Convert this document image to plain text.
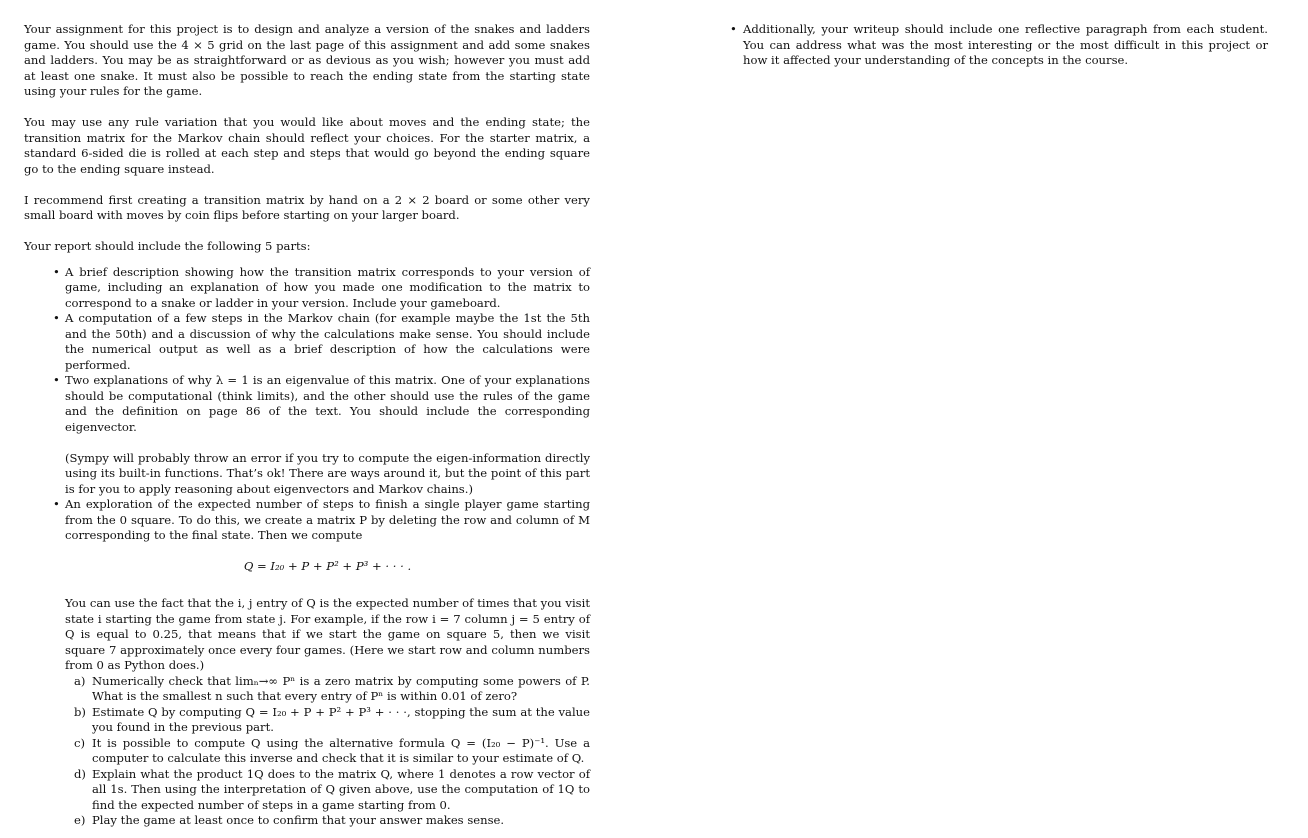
Your assignment for this project is to design and analyze a version of the snakes and ladders game. You should use the 4 × 5 grid on the last page of this assignment and add some snakes and ladders. You may be as straightforward or as devious as you wish; however you must add at least one snake. It must also be possible to reach the ending state from the starting state using your rules for the game.

You may use any rule variation that you would like about moves and the ending state; the transition matrix for the Markov chain should reflect your choices. For the starter matrix, a standard 6-sided die is rolled at each step and steps that would go beyond the ending square go to the ending square instead.

I recommend first creating a transition matrix by hand on a 2 × 2 board or some other very small board with moves by coin flips before starting on your larger board.

Your report should include the following 5 parts:

• A brief description showing how the transition matrix corresponds to your version of game, including an explanation of how you made one modification to the matrix to correspond to a snake or ladder in your version. Include your gameboard.
• A computation of a few steps in the Markov chain (for example maybe the 1st the 5th and the 50th) and a discussion of why the calculations make sense. You should include the numerical output as well as a brief description of how the calculations were performed.
• Two explanations of why λ = 1 is an eigenvalue of this matrix. One of your explanations should be computational (think limits), and the other should use the rules of the game and the definition on page 86 of the text. You should include the corresponding eigenvector.
(Sympy will probably throw an error if you try to compute the eigen-information directly using its built-in functions. That’s ok! There are ways around it, but the point of this part is for you to apply reasoning about eigenvectors and Markov chains.)
• An exploration of the expected number of steps to finish a single player game starting from the 0 square. To do this, we create a matrix P by deleting the row and column of M corresponding to the final state. Then we compute
Q = I₂₀ + P + P² + P³ + · · · .
You can use the fact that the i, j entry of Q is the expected number of times that you visit state i starting the game from state j. For example, if the row i = 7 column j = 5 entry of Q is equal to 0.25, that means that if we start the game on square 5, then we visit square 7 approximately once every four games. (Here we start row and column numbers from 0 as Python does.)
a) Numerically check that limₙ→∞ Pⁿ is a zero matrix by computing some powers of P. What is the smallest n such that every entry of Pⁿ is within 0.01 of zero?
b) Estimate Q by computing Q = I₂₀ + P + P² + P³ + · · ·, stopping the sum at the value you found in the previous part.
c) It is possible to compute Q using the alternative formula Q = (I₂₀ − P)⁻¹. Use a computer to calculate this inverse and check that it is similar to your estimate of Q.
d) Explain what the product 1Q does to the matrix Q, where 1 denotes a row vector of all 1s. Then using the interpretation of Q given above, use the computation of 1Q to find the expected number of steps in a game starting from 0.
e) Play the game at least once to confirm that your answer makes sense.
• Additionally, your writeup should include one reflective paragraph from each student. You can address what was the most interesting or the most difficult in this project or how it affected your understanding of the concepts in the course.
